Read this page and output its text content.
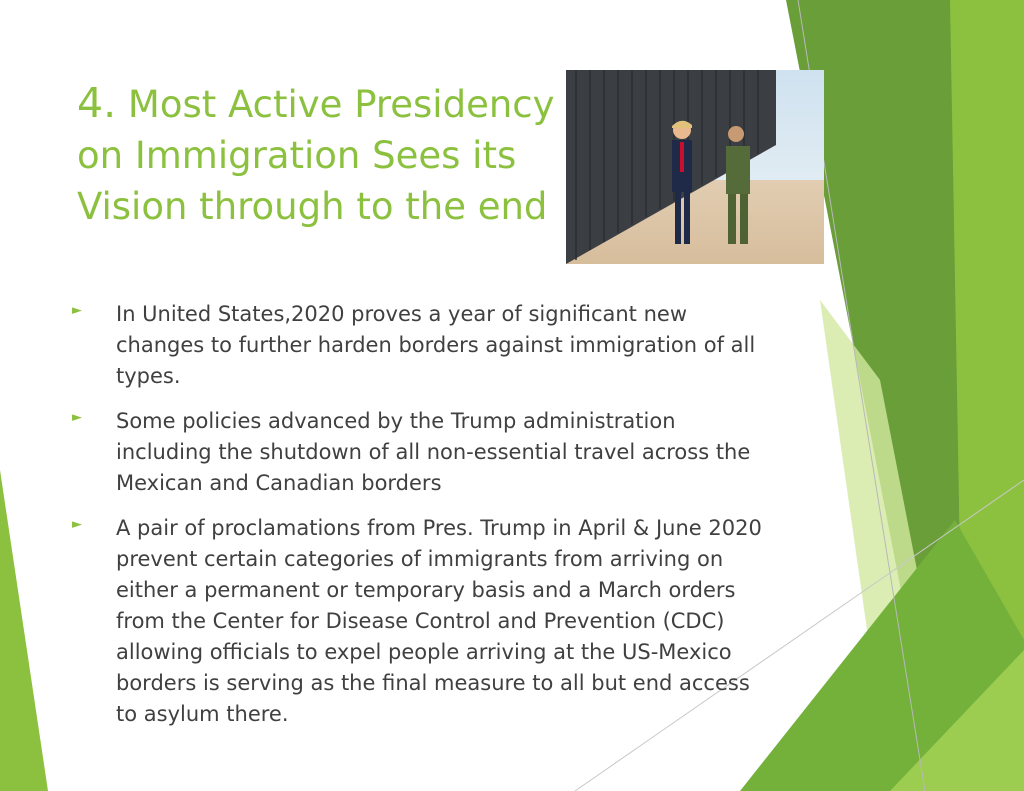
4. Most Active Presidency on Immigration Sees its Vision through to the end
► In United States,2020 proves a year of significant new changes to further harden borders against immigration of all types.
► Some policies advanced by the Trump administration including the shutdown of all non-essential travel across the Mexican and Canadian borders
► A pair of proclamations from Pres. Trump in April & June 2020 prevent certain categories of immigrants from arriving on either a permanent or temporary basis and a March orders from the Center for Disease Control and Prevention (CDC) allowing officials to expel people arriving at the US-Mexico borders is serving as the final measure to all but end access to asylum there.
